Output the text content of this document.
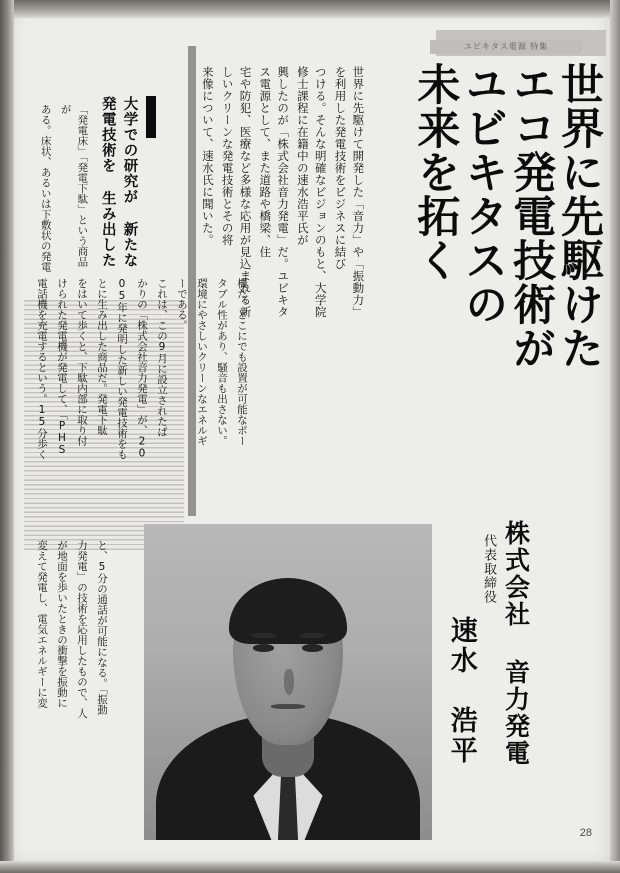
ユビキタス電源 特集
未来を拓く
ユビキタスの
エコ発電技術が
世界に先駆けた
来像について、速水氏に聞いた。	宅や防犯、医療など多様な応用が見込まれる新しいクリーンな発電技術とその将	興したのが「株式会社音力発電」だ。ユビキタス電源として、また道路や橋梁、住	つける。そんな明確なビジョンのもと、大学院修士課程に在籍中の速水浩平氏が	世界に先駆けて開発した「音力」や「振動力」を利用した発電技術をビジネスに結び
大学での研究が 新たな発電技術を 生み出した
ある。床状、あるいは下敷状の発電	「発電床」「発電下駄」という商品が
電話機を充電するという。15分歩く けられた発電機が発電して、「PHS をはいて歩くと、下駄内部に取り付 とに生み出した商品だ。発電下駄 05年に発明した新しい発電技術をも かりの「株式会社音力発電」が、20 これは、この9月に設立されたば ーである。 環境にやさしいクリーンなエネルギ タブル性があり、騒音も出さない。 機だ。どこにでも設置が可能なポー
変えて発電し、電気エネルギーに変 が地面を歩いたときの衝撃を振動に 力発電」の技術を応用したもので、人 と、5分の通話が可能になる。「振動	速水　浩平
代表取締役 株式会社 音力発電
28
